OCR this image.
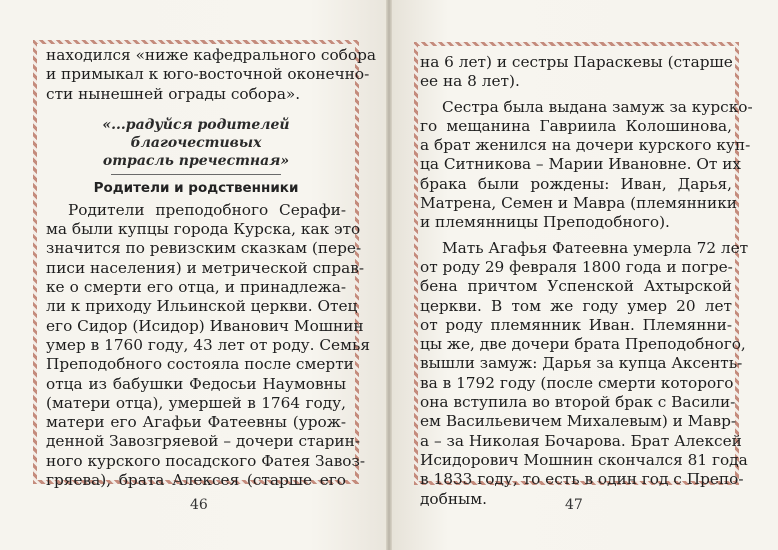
находился «ниже кафедрального собора
и примыкал к юго-восточной оконечно-
сти нынешней ограды собора».
«...радуйся родителей благочестивых
отрасль пречестная»
Родители и родственники
Родители преподобного Серафи-
ма были купцы города Курска, как это
значится по ревизским сказкам (пере-
писи населения) и метрической справ-
ке о смерти его отца, и принадлежа-
ли к приходу Ильинской церкви. Отец
его Сидор (Исидор) Иванович Мошнин
умер в 1760 году, 43 лет от роду. Семья
Преподобного состояла после смерти
отца из бабушки Федосьи Наумовны
(матери отца), умершей в 1764 году,
матери его Агафьи Фатеевны (урож-
денной Завозгряевой – дочери старин-
ного курского посадского Фатея Завоз-
гряева), брата Алексея (старше его
46
на 6 лет) и сестры Параскевы (старше
ее на 8 лет).
Сестра была выдана замуж за курско-
го мещанина Гавриила Колошинова,
а брат женился на дочери курского куп-
ца Ситникова – Марии Ивановне. От их
брака были рождены: Иван, Дарья,
Матрена, Семен и Мавра (племянники
и племянницы Преподобного).
Мать Агафья Фатеевна умерла 72 лет
от роду 29 февраля 1800 года и погре-
бена причтом Успенской Ахтырской
церкви. В том же году умер 20 лет
от роду племянник Иван. Племянни-
цы же, две дочери брата Преподобного,
вышли замуж: Дарья за купца Аксенть-
ва в 1792 году (после смерти которого
она вступила во второй брак с Васили-
ем Васильевичем Михалевым) и Мавр-
а – за Николая Бочарова. Брат Алексей
Исидорович Мошнин скончался 81 года
в 1833 году, то есть в один год с Препо-
добным.	47
